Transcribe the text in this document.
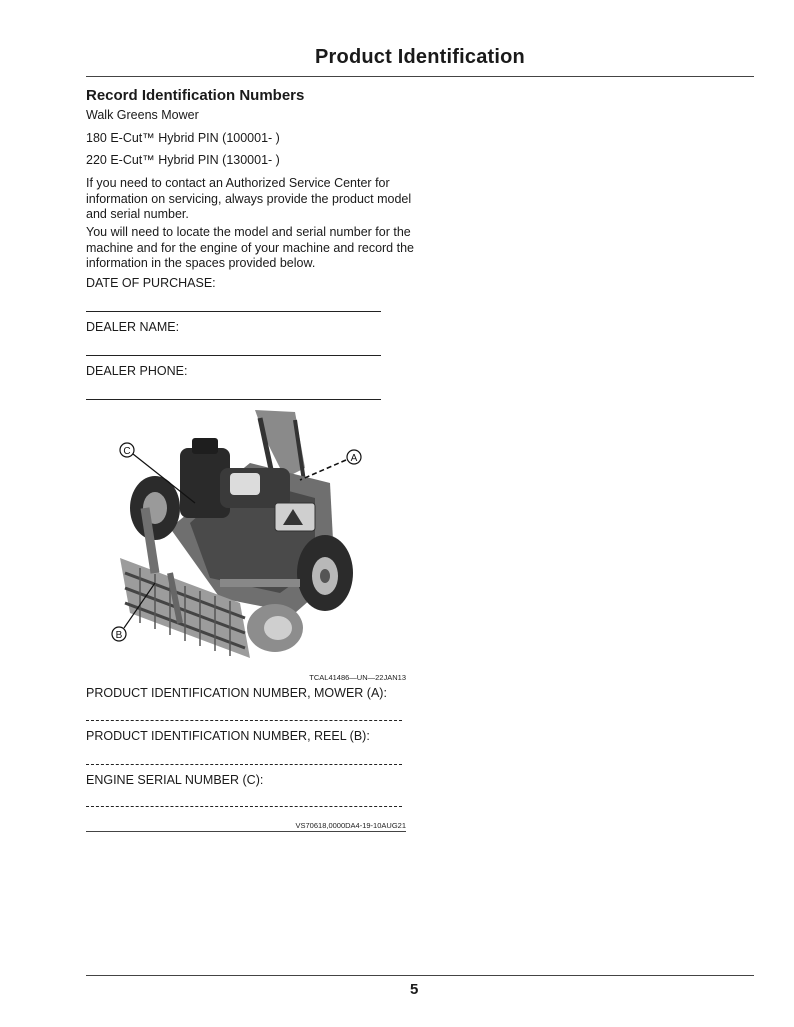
Product Identification
Record Identification Numbers
Walk Greens Mower
180 E-Cut™ Hybrid PIN (100001- )
220 E-Cut™ Hybrid PIN (130001- )
If you need to contact an Authorized Service Center for information on servicing, always provide the product model and serial number.
You will need to locate the model and serial number for the machine and for the engine of your machine and record the information in the spaces provided below.
DATE OF PURCHASE:
DEALER NAME:
DEALER PHONE:
C
A
B
TCAL41486—UN—22JAN13
PRODUCT IDENTIFICATION NUMBER, MOWER (A):
PRODUCT IDENTIFICATION NUMBER, REEL (B):
ENGINE SERIAL NUMBER (C):
VS70618,0000DA4-19-10AUG21
5
